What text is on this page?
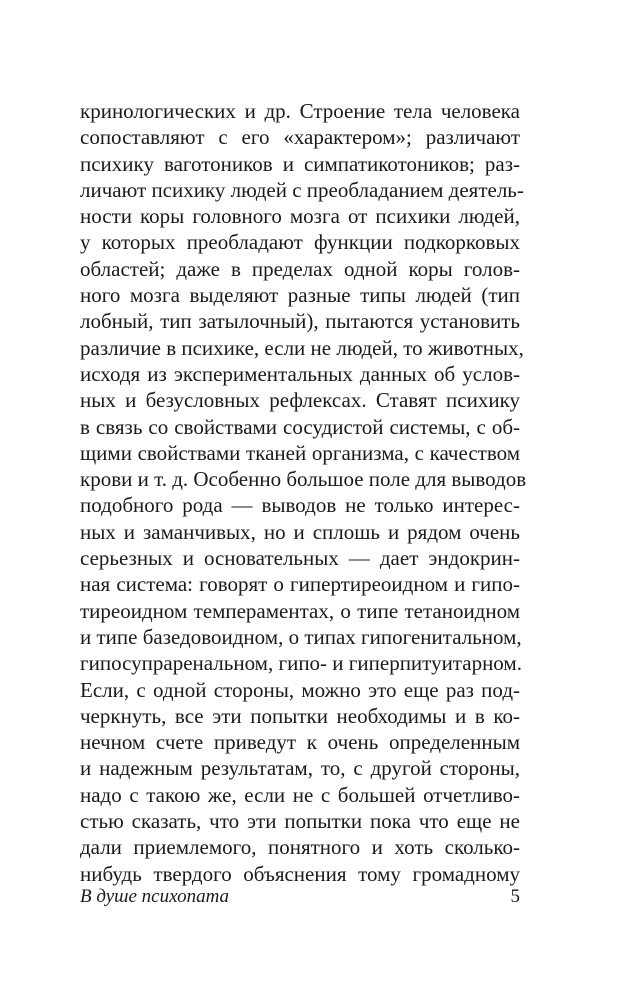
кринологических и др. Строение тела человека
сопоставляют с его «характером»; различают
психику ваготоников и симпатикотоников; раз-
личают психику людей с преобладанием деятель-
ности коры головного мозга от психики людей,
у которых преобладают функции подкорковых
областей; даже в пределах одной коры голов-
ного мозга выделяют разные типы людей (тип
лобный, тип затылочный), пытаются установить
различие в психике, если не людей, то животных,
исходя из экспериментальных данных об услов-
ных и безусловных рефлексах. Ставят психику
в связь со свойствами сосудистой системы, с об-
щими свойствами тканей организма, с качеством
крови и т. д. Особенно большое поле для выводов
подобного рода — выводов не только интерес-
ных и заманчивых, но и сплошь и рядом очень
серьезных и основательных — дает эндокрин-
ная система: говорят о гипертиреоидном и гипо-
тиреоидном темпераментах, о типе тетаноидном
и типе базедовоидном, о типах гипогенитальном,
гипосупраренальном, гипо- и гиперпитуитарном.
Если, с одной стороны, можно это еще раз под-
черкнуть, все эти попытки необходимы и в ко-
нечном счете приведут к очень определенным
и надежным результатам, то, с другой стороны,
надо с такою же, если не с большей отчетливо-
стью сказать, что эти попытки пока что еще не
дали приемлемого, понятного и хоть сколько-
нибудь твердого объяснения тому громадному
В душе психопата	5
